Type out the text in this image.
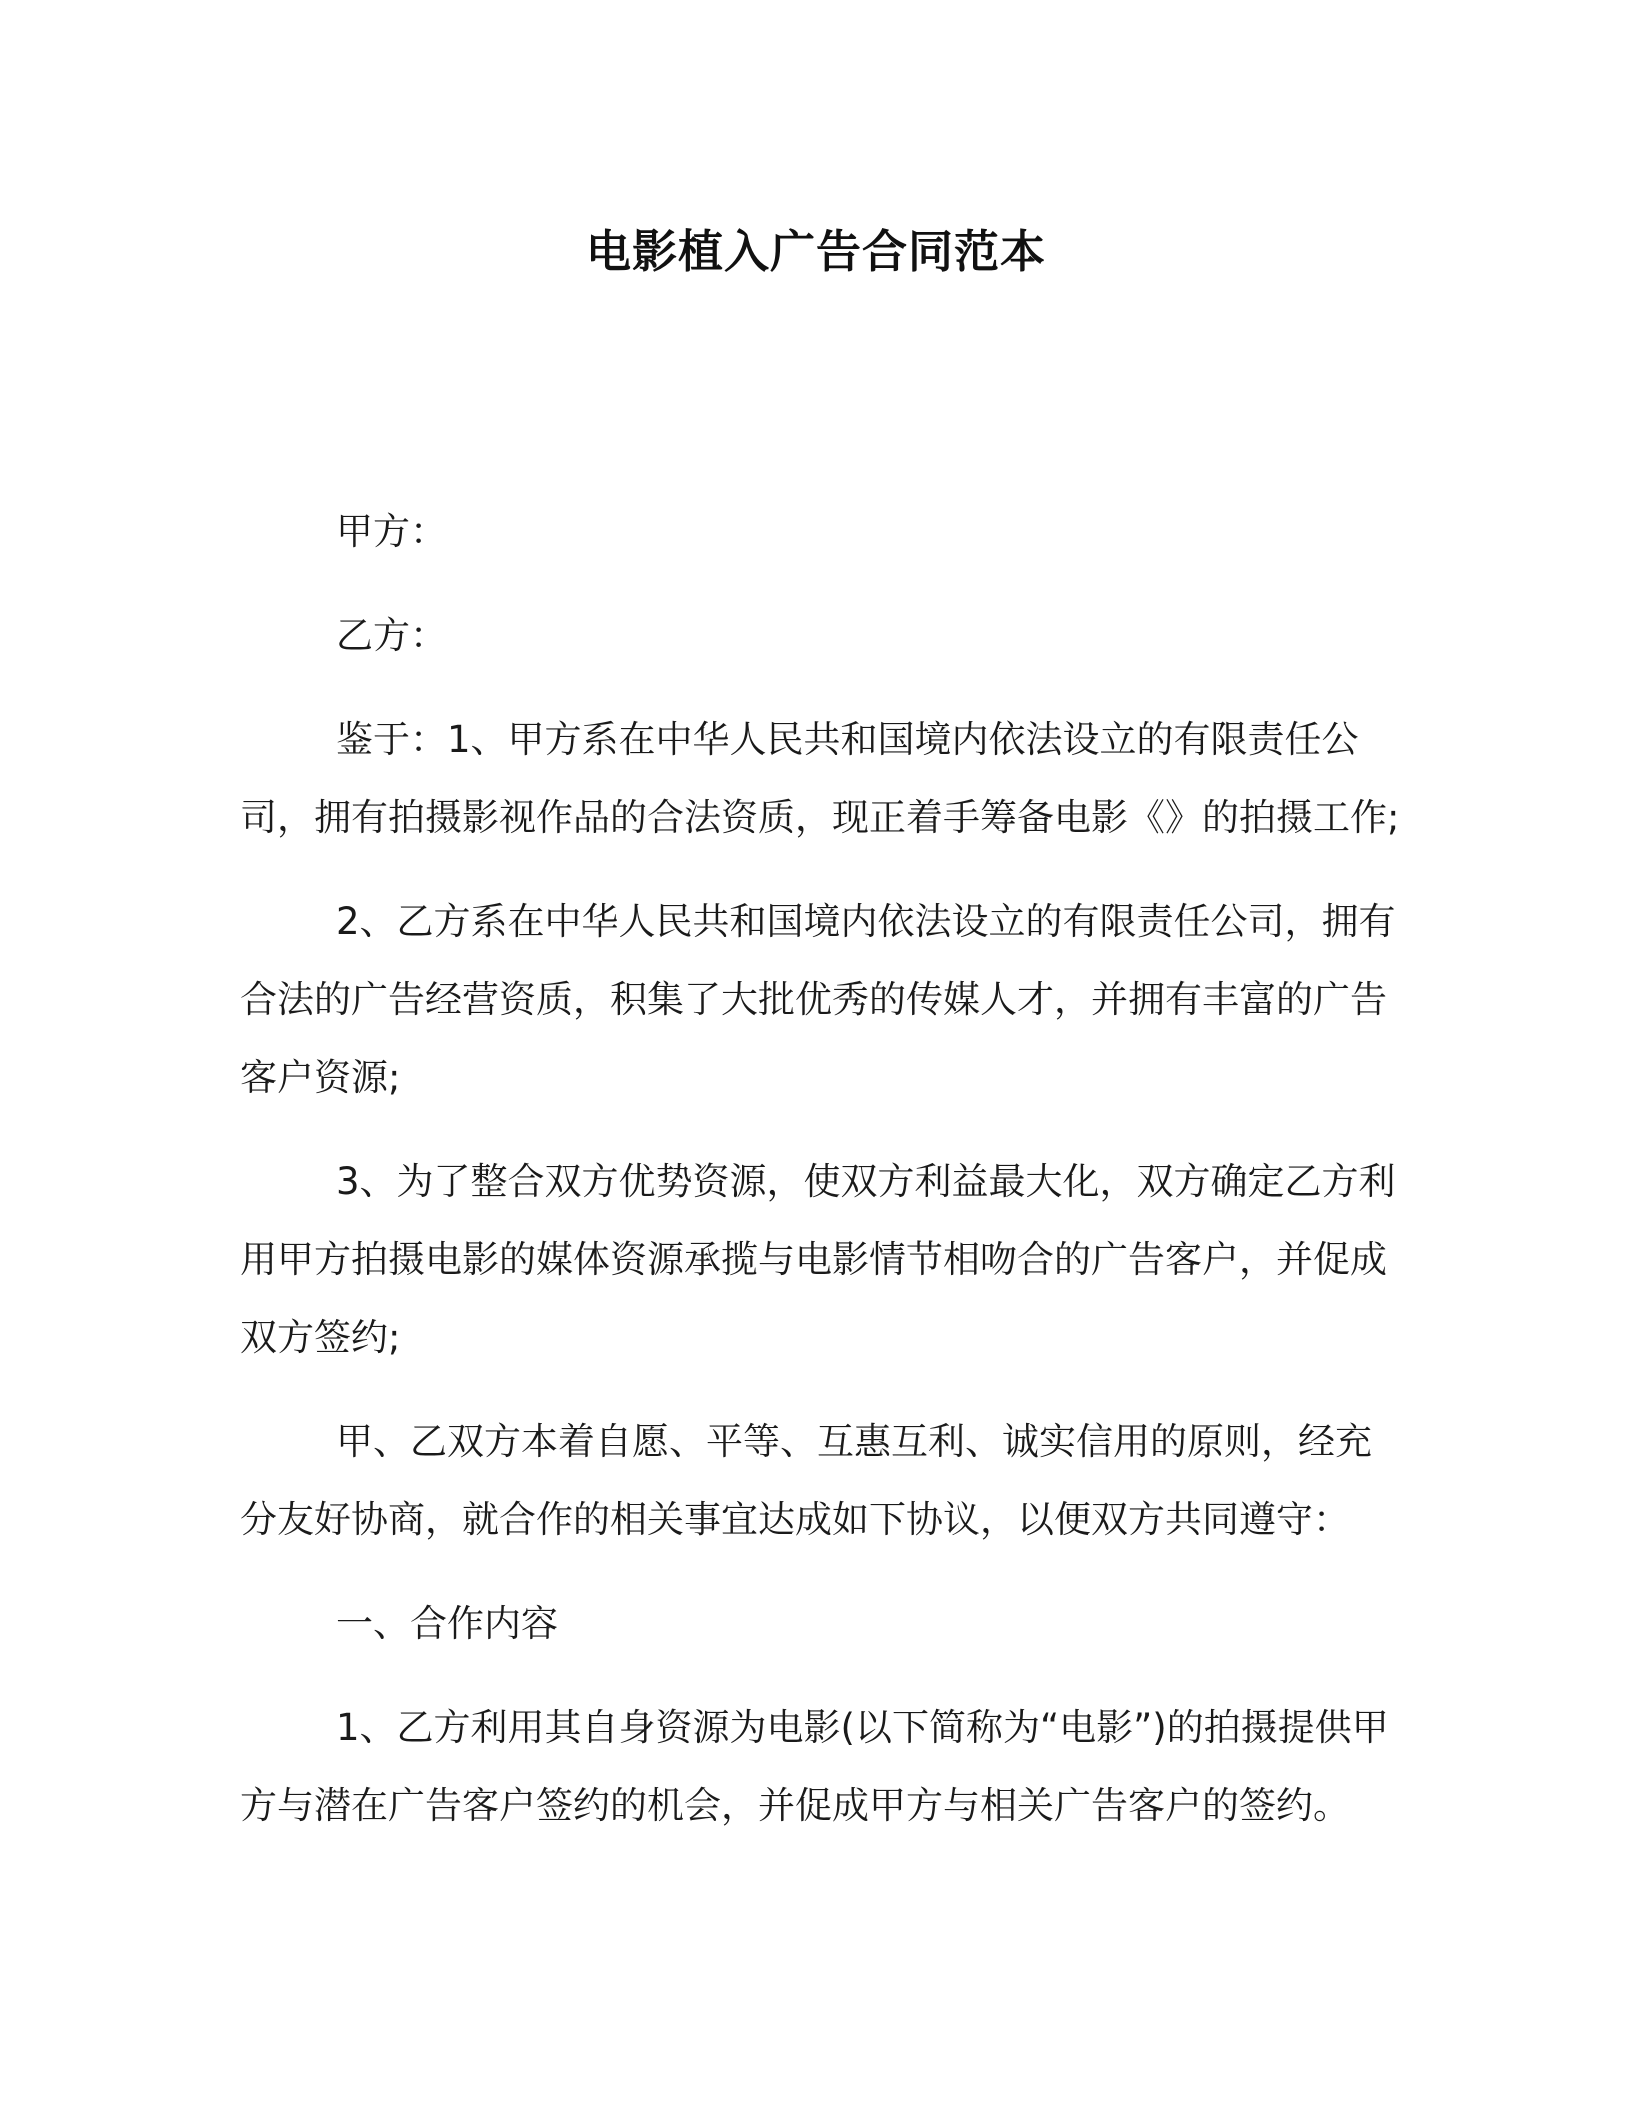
电影植入广告合同范本

甲方：

乙方：

鉴于：1、甲方系在中华人民共和国境内依法设立的有限责任公司，拥有拍摄影视作品的合法资质，现正着手筹备电影《》的拍摄工作;

2、乙方系在中华人民共和国境内依法设立的有限责任公司，拥有合法的广告经营资质，积集了大批优秀的传媒人才，并拥有丰富的广告客户资源;

3、为了整合双方优势资源，使双方利益最大化，双方确定乙方利用甲方拍摄电影的媒体资源承揽与电影情节相吻合的广告客户，并促成双方签约;

甲、乙双方本着自愿、平等、互惠互利、诚实信用的原则，经充分友好协商，就合作的相关事宜达成如下协议，以便双方共同遵守：

一、合作内容

1、乙方利用其自身资源为电影(以下简称为“电影”)的拍摄提供甲方与潜在广告客户签约的机会，并促成甲方与相关广告客户的签约。
